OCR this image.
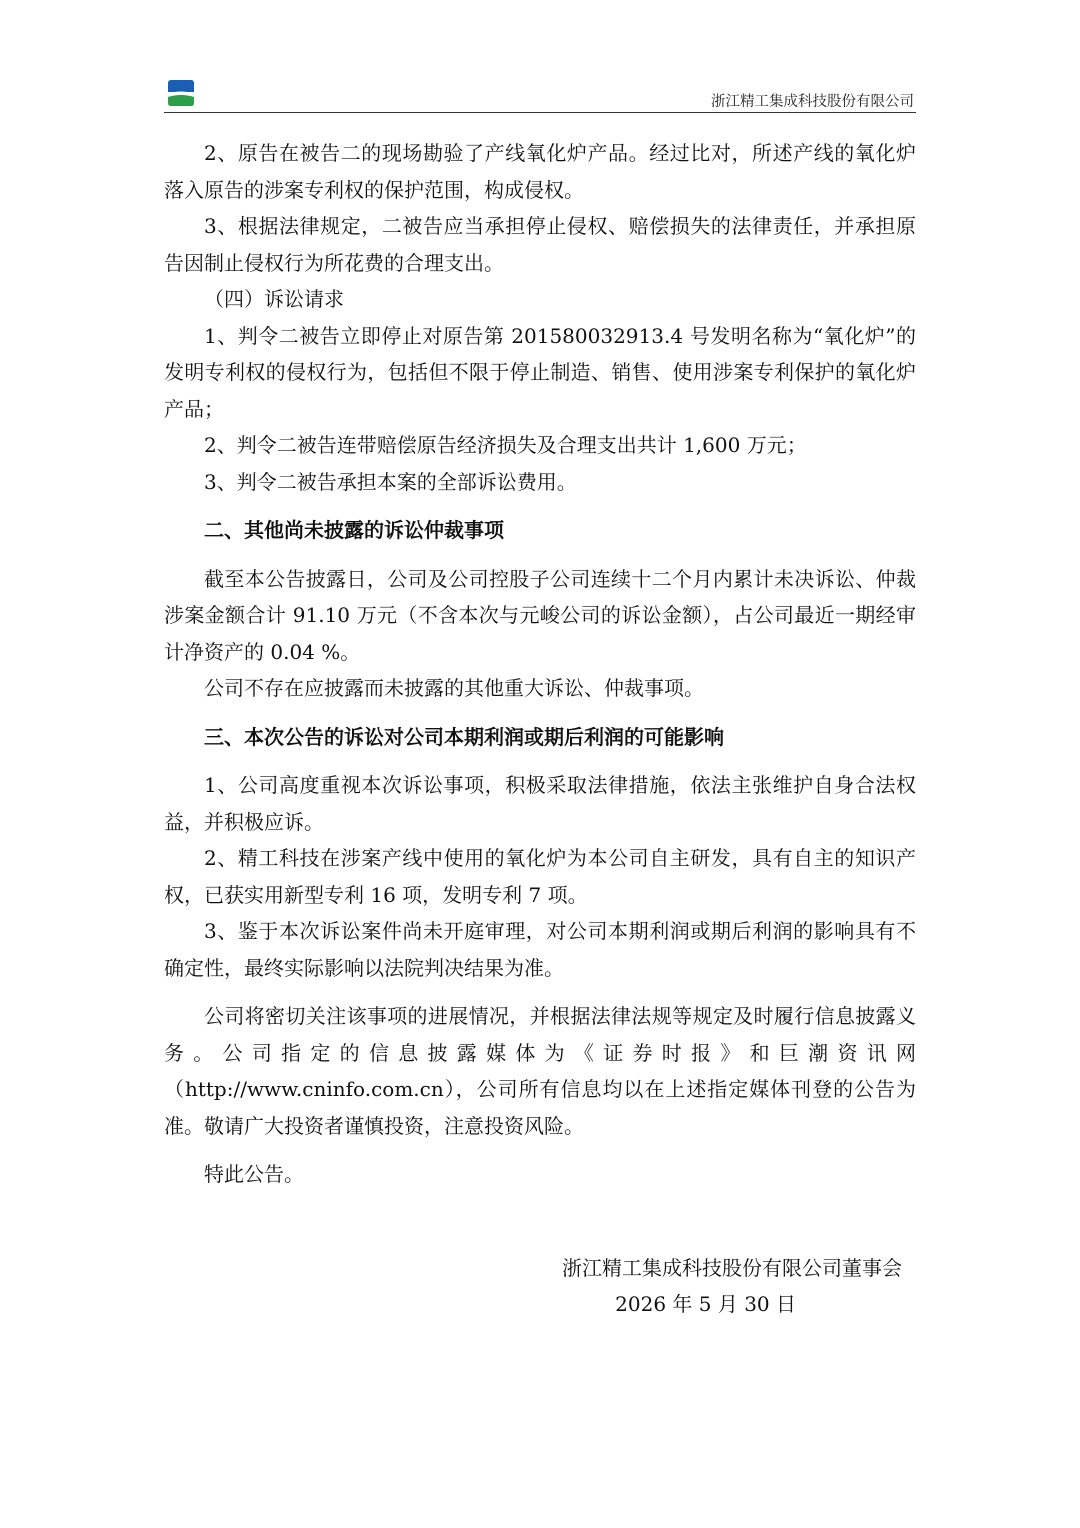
浙江精工集成科技股份有限公司

2、原告在被告二的现场勘验了产线氧化炉产品。经过比对，所述产线的氧化炉落入原告的涉案专利权的保护范围，构成侵权。

3、根据法律规定，二被告应当承担停止侵权、赔偿损失的法律责任，并承担原告因制止侵权行为所花费的合理支出。

（四）诉讼请求

1、判令二被告立即停止对原告第 201580032913.4 号发明名称为“氧化炉”的发明专利权的侵权行为，包括但不限于停止制造、销售、使用涉案专利保护的氧化炉产品；

2、判令二被告连带赔偿原告经济损失及合理支出共计 1,600 万元；

3、判令二被告承担本案的全部诉讼费用。

二、其他尚未披露的诉讼仲裁事项

截至本公告披露日，公司及公司控股子公司连续十二个月内累计未决诉讼、仲裁涉案金额合计 91.10 万元（不含本次与元峻公司的诉讼金额），占公司最近一期经审计净资产的 0.04 %。

公司不存在应披露而未披露的其他重大诉讼、仲裁事项。

三、本次公告的诉讼对公司本期利润或期后利润的可能影响

1、公司高度重视本次诉讼事项，积极采取法律措施，依法主张维护自身合法权益，并积极应诉。

2、精工科技在涉案产线中使用的氧化炉为本公司自主研发，具有自主的知识产权，已获实用新型专利 16 项，发明专利 7 项。

3、鉴于本次诉讼案件尚未开庭审理，对公司本期利润或期后利润的影响具有不确定性，最终实际影响以法院判决结果为准。

公司将密切关注该事项的进展情况，并根据法律法规等规定及时履行信息披露义务。公司指定的信息披露媒体为《证券时报》和巨潮资讯网（http://www.cninfo.com.cn），公司所有信息均以在上述指定媒体刊登的公告为准。敬请广大投资者谨慎投资，注意投资风险。

特此公告。

浙江精工集成科技股份有限公司董事会
2026 年 5 月 30 日
